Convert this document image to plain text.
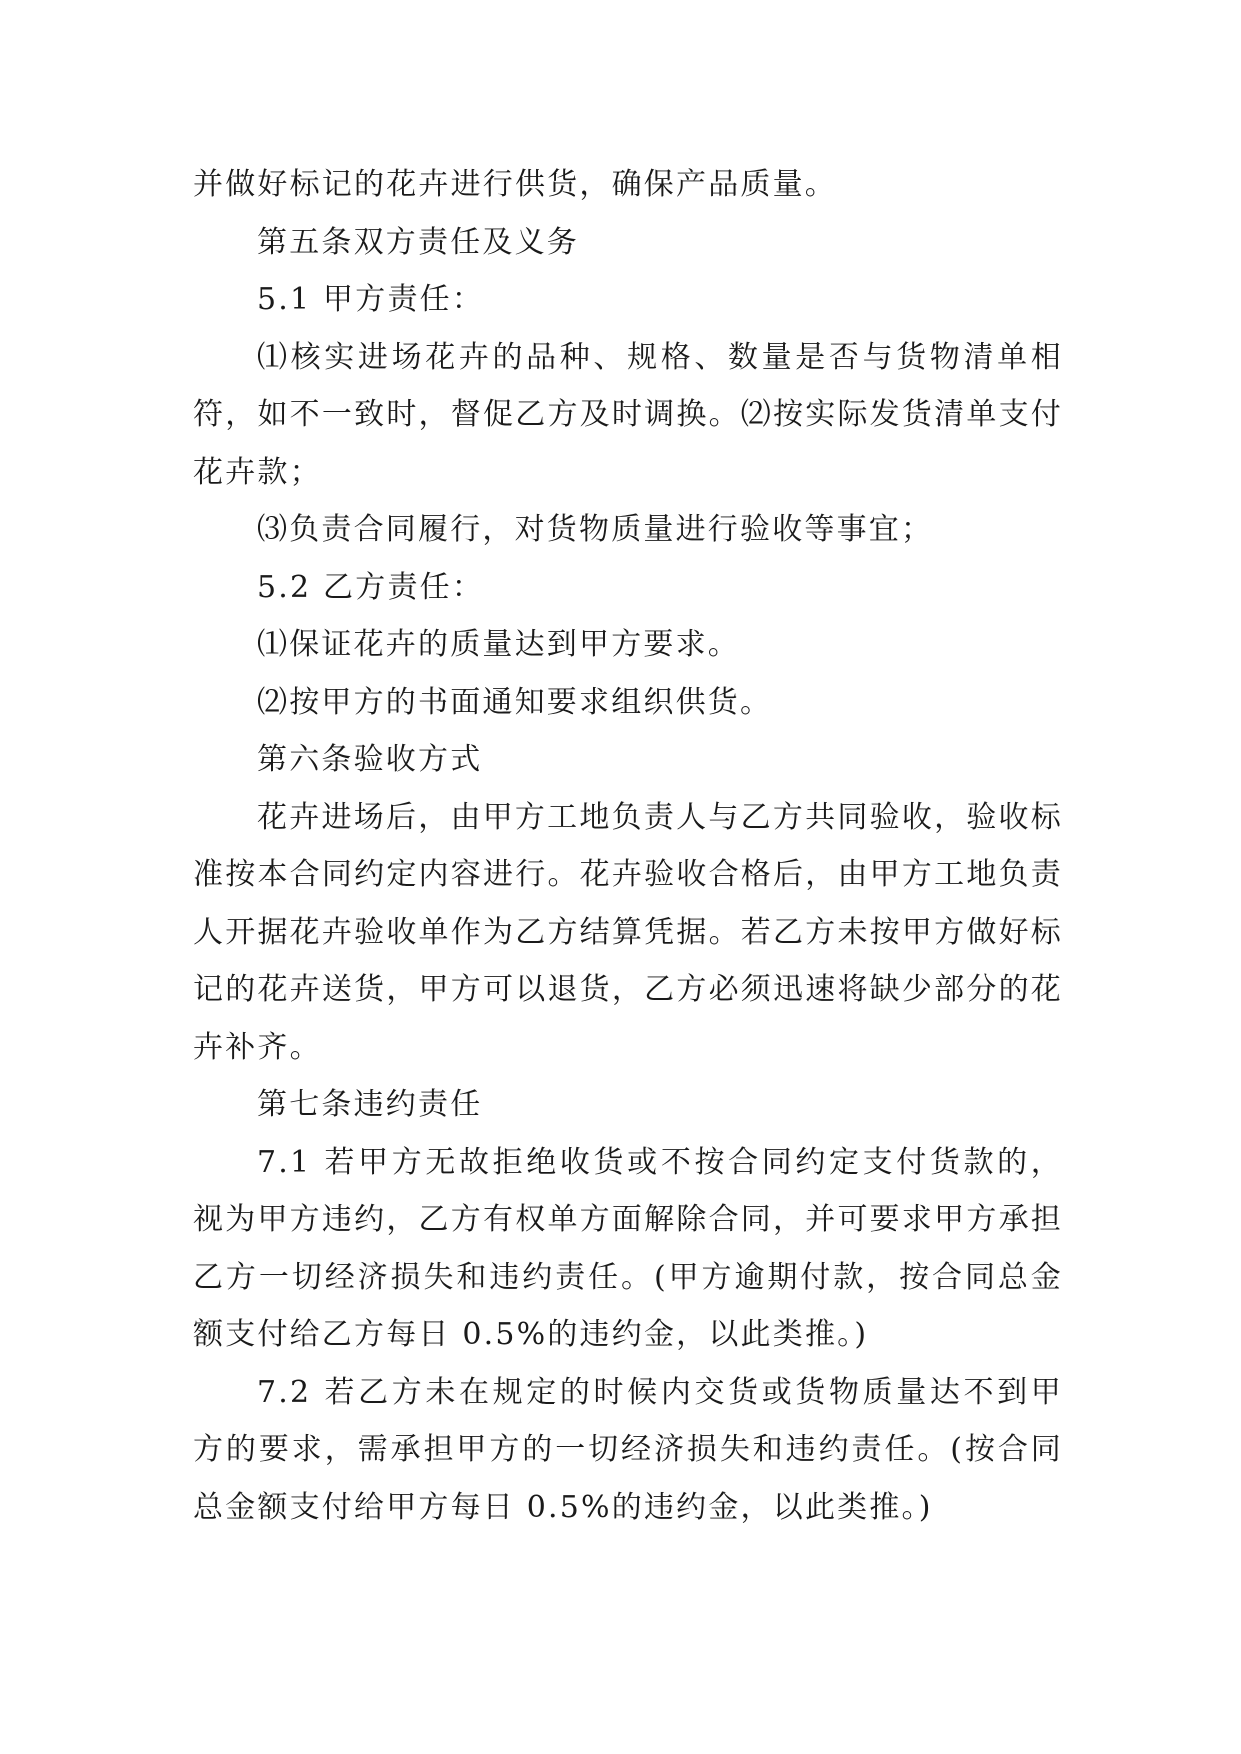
并做好标记的花卉进行供货，确保产品质量。

第五条双方责任及义务

5.1 甲方责任：

⑴核实进场花卉的品种、规格、数量是否与货物清单相符，如不一致时，督促乙方及时调换。⑵按实际发货清单支付花卉款；

⑶负责合同履行，对货物质量进行验收等事宜；

5.2 乙方责任：

⑴保证花卉的质量达到甲方要求。

⑵按甲方的书面通知要求组织供货。

第六条验收方式

花卉进场后，由甲方工地负责人与乙方共同验收，验收标准按本合同约定内容进行。花卉验收合格后，由甲方工地负责人开据花卉验收单作为乙方结算凭据。若乙方未按甲方做好标记的花卉送货，甲方可以退货，乙方必须迅速将缺少部分的花卉补齐。

第七条违约责任

7.1 若甲方无故拒绝收货或不按合同约定支付货款的，视为甲方违约，乙方有权单方面解除合同，并可要求甲方承担乙方一切经济损失和违约责任。(甲方逾期付款，按合同总金额支付给乙方每日 0.5%的违约金，以此类推。)

7.2 若乙方未在规定的时候内交货或货物质量达不到甲方的要求，需承担甲方的一切经济损失和违约责任。(按合同总金额支付给甲方每日 0.5%的违约金，以此类推。)
